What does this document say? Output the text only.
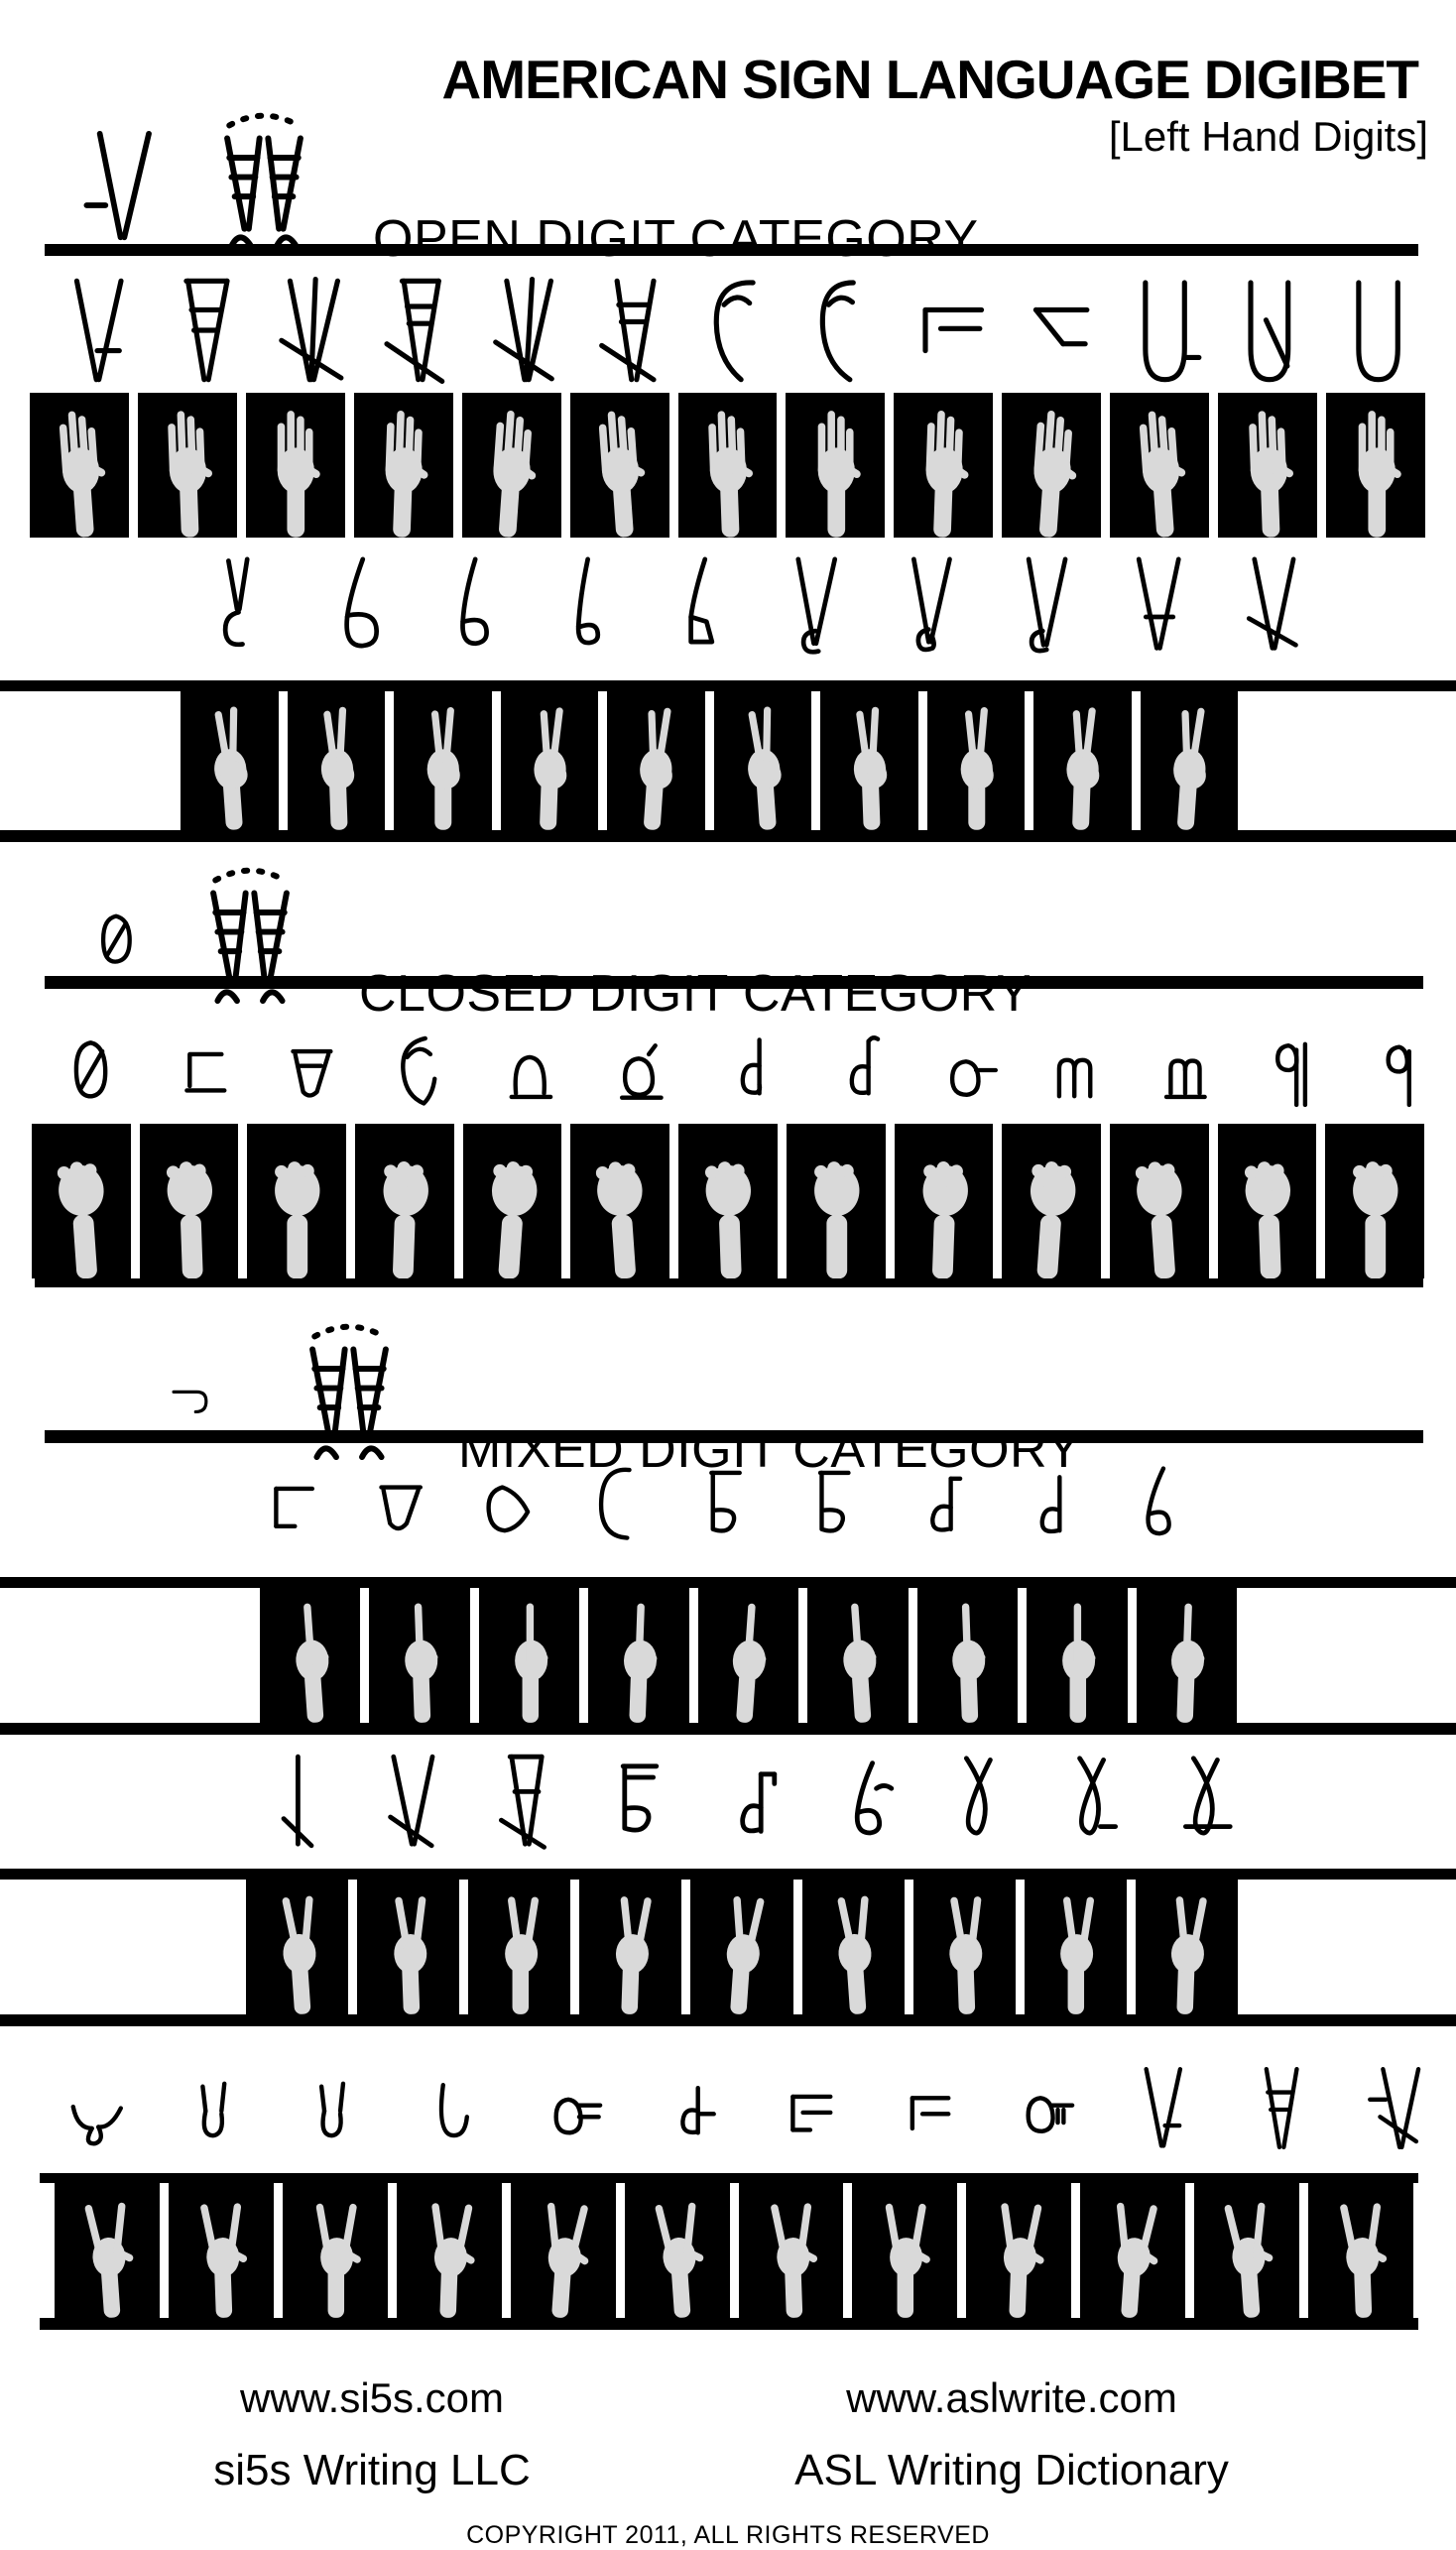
AMERICAN SIGN LANGUAGE DIGIBET
[Left Hand Digits]
www.si5s.com	www.aslwrite.com
si5s Writing LLC	ASL Writing Dictionary
COPYRIGHT 2011, ALL RIGHTS RESERVED
OPEN DIGIT CATEGORY
CLOSED DIGIT CATEGORY
MIXED DIGIT CATEGORY
